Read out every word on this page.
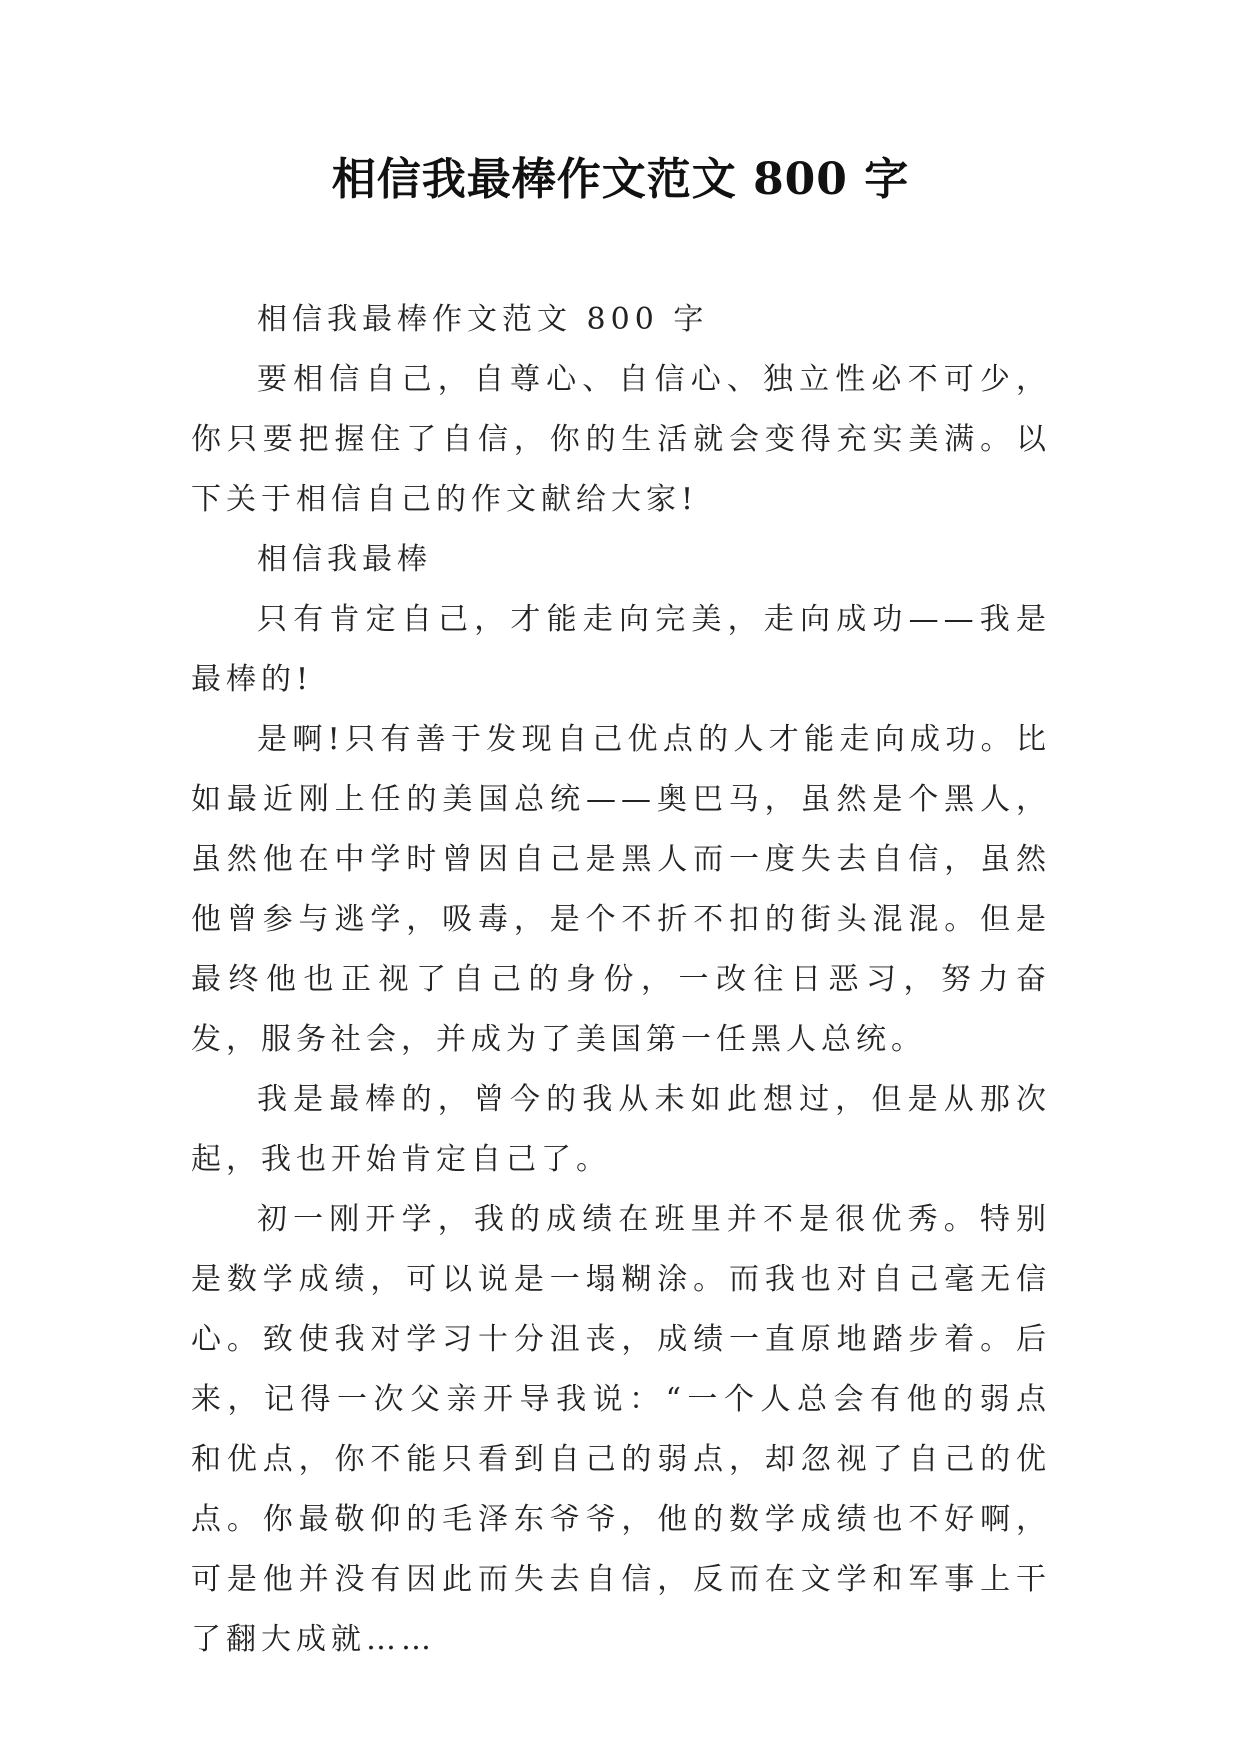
相信我最棒作文范文 800 字

相信我最棒作文范文 800 字

要相信自己，自尊心、自信心、独立性必不可少，你只要把握住了自信，你的生活就会变得充实美满。以下关于相信自己的作文献给大家!

相信我最棒

只有肯定自己，才能走向完美，走向成功——我是最棒的!

是啊!只有善于发现自己优点的人才能走向成功。比如最近刚上任的美国总统——奥巴马，虽然是个黑人，虽然他在中学时曾因自己是黑人而一度失去自信，虽然他曾参与逃学，吸毒，是个不折不扣的街头混混。但是最终他也正视了自己的身份，一改往日恶习，努力奋发，服务社会，并成为了美国第一任黑人总统。

我是最棒的，曾今的我从未如此想过，但是从那次起，我也开始肯定自己了。

初一刚开学，我的成绩在班里并不是很优秀。特别是数学成绩，可以说是一塌糊涂。而我也对自己毫无信心。致使我对学习十分沮丧，成绩一直原地踏步着。后来，记得一次父亲开导我说：“一个人总会有他的弱点和优点，你不能只看到自己的弱点，却忽视了自己的优点。你最敬仰的毛泽东爷爷，他的数学成绩也不好啊，可是他并没有因此而失去自信，反而在文学和军事上干了翻大成就……
